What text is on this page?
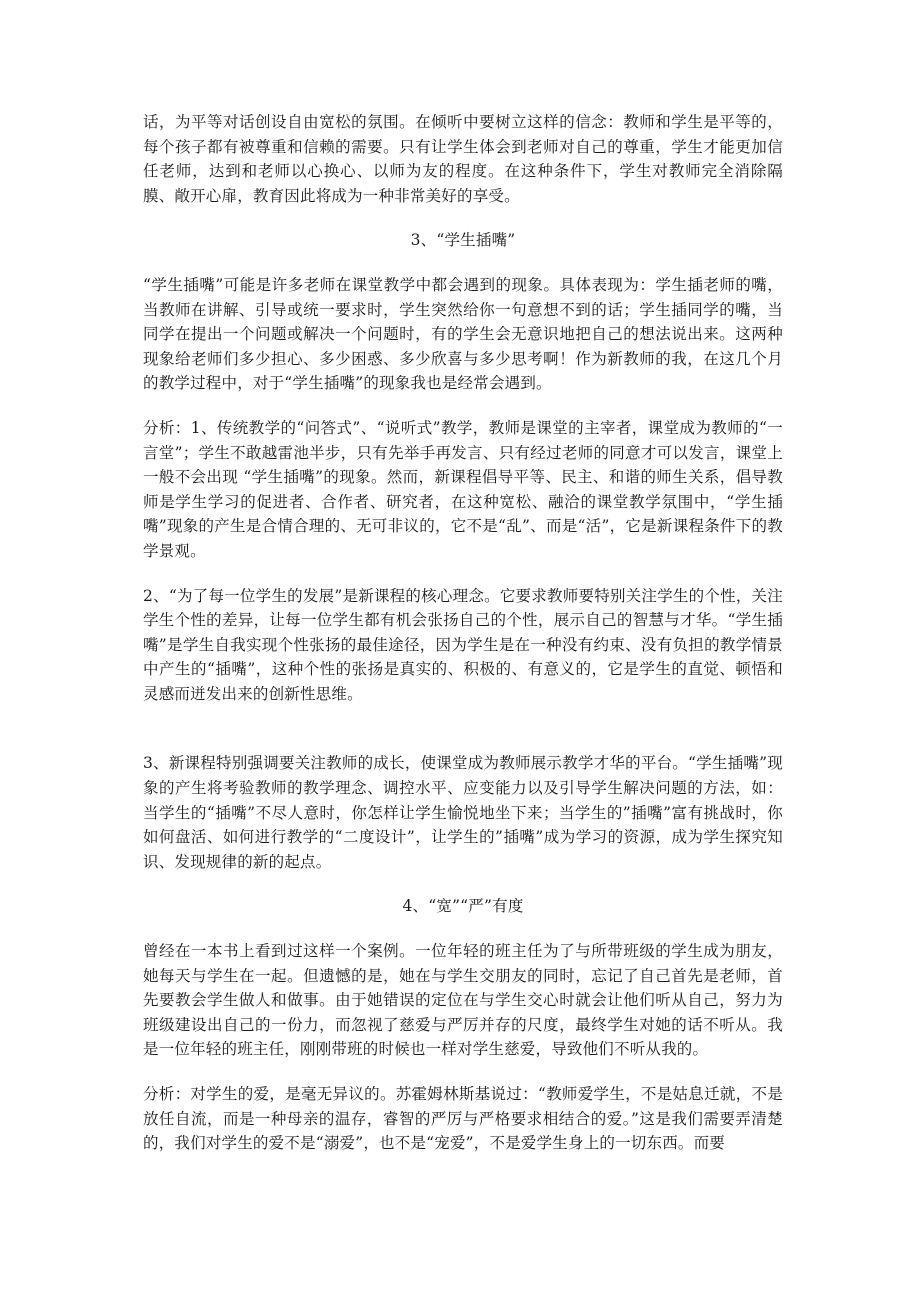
话，为平等对话创设自由宽松的氛围。在倾听中要树立这样的信念：教师和学生是平等的，每个孩子都有被尊重和信赖的需要。只有让学生体会到老师对自己的尊重，学生才能更加信任老师，达到和老师以心换心、以师为友的程度。在这种条件下，学生对教师完全消除隔膜、敞开心扉，教育因此将成为一种非常美好的享受。

3、“学生插嘴”

“学生插嘴”可能是许多老师在课堂教学中都会遇到的现象。具体表现为：学生插老师的嘴，当教师在讲解、引导或统一要求时，学生突然给你一句意想不到的话；学生插同学的嘴，当同学在提出一个问题或解决一个问题时，有的学生会无意识地把自己的想法说出来。这两种现象给老师们多少担心、多少困惑、多少欣喜与多少思考啊！作为新教师的我，在这几个月的教学过程中，对于“学生插嘴”的现象我也是经常会遇到。

分析：1、传统教学的“问答式”、“说听式”教学，教师是课堂的主宰者，课堂成为教师的“一言堂”；学生不敢越雷池半步，只有先举手再发言、只有经过老师的同意才可以发言，课堂上一般不会出现 “学生插嘴”的现象。然而，新课程倡导平等、民主、和谐的师生关系，倡导教师是学生学习的促进者、合作者、研究者，在这种宽松、融洽的课堂教学氛围中，“学生插嘴”现象的产生是合情合理的、无可非议的，它不是“乱”、而是“活”，它是新课程条件下的教学景观。

2、“为了每一位学生的发展”是新课程的核心理念。它要求教师要特别关注学生的个性，关注学生个性的差异，让每一位学生都有机会张扬自己的个性，展示自己的智慧与才华。“学生插嘴”是学生自我实现个性张扬的最佳途径，因为学生是在一种没有约束、没有负担的教学情景中产生的“插嘴”，这种个性的张扬是真实的、积极的、有意义的，它是学生的直觉、顿悟和灵感而迸发出来的创新性思维。

3、新课程特别强调要关注教师的成长，使课堂成为教师展示教学才华的平台。“学生插嘴”现象的产生将考验教师的教学理念、调控水平、应变能力以及引导学生解决问题的方法，如：当学生的“插嘴”不尽人意时，你怎样让学生愉悦地坐下来；当学生的”插嘴”富有挑战时，你如何盘活、如何进行教学的“二度设计”，让学生的”插嘴”成为学习的资源，成为学生探究知识、发现规律的新的起点。

4、“宽”“严”有度

曾经在一本书上看到过这样一个案例。一位年轻的班主任为了与所带班级的学生成为朋友，她每天与学生在一起。但遗憾的是，她在与学生交朋友的同时，忘记了自己首先是老师，首先要教会学生做人和做事。由于她错误的定位在与学生交心时就会让他们听从自己，努力为班级建设出自己的一份力，而忽视了慈爱与严厉并存的尺度，最终学生对她的话不听从。我是一位年轻的班主任，刚刚带班的时候也一样对学生慈爱，导致他们不听从我的。

分析：对学生的爱，是毫无异议的。苏霍姆林斯基说过：“教师爱学生，不是姑息迁就，不是放任自流，而是一种母亲的温存，睿智的严厉与严格要求相结合的爱。”这是我们需要弄清楚的，我们对学生的爱不是“溺爱”，也不是“宠爱”，不是爱学生身上的一切东西。而要
